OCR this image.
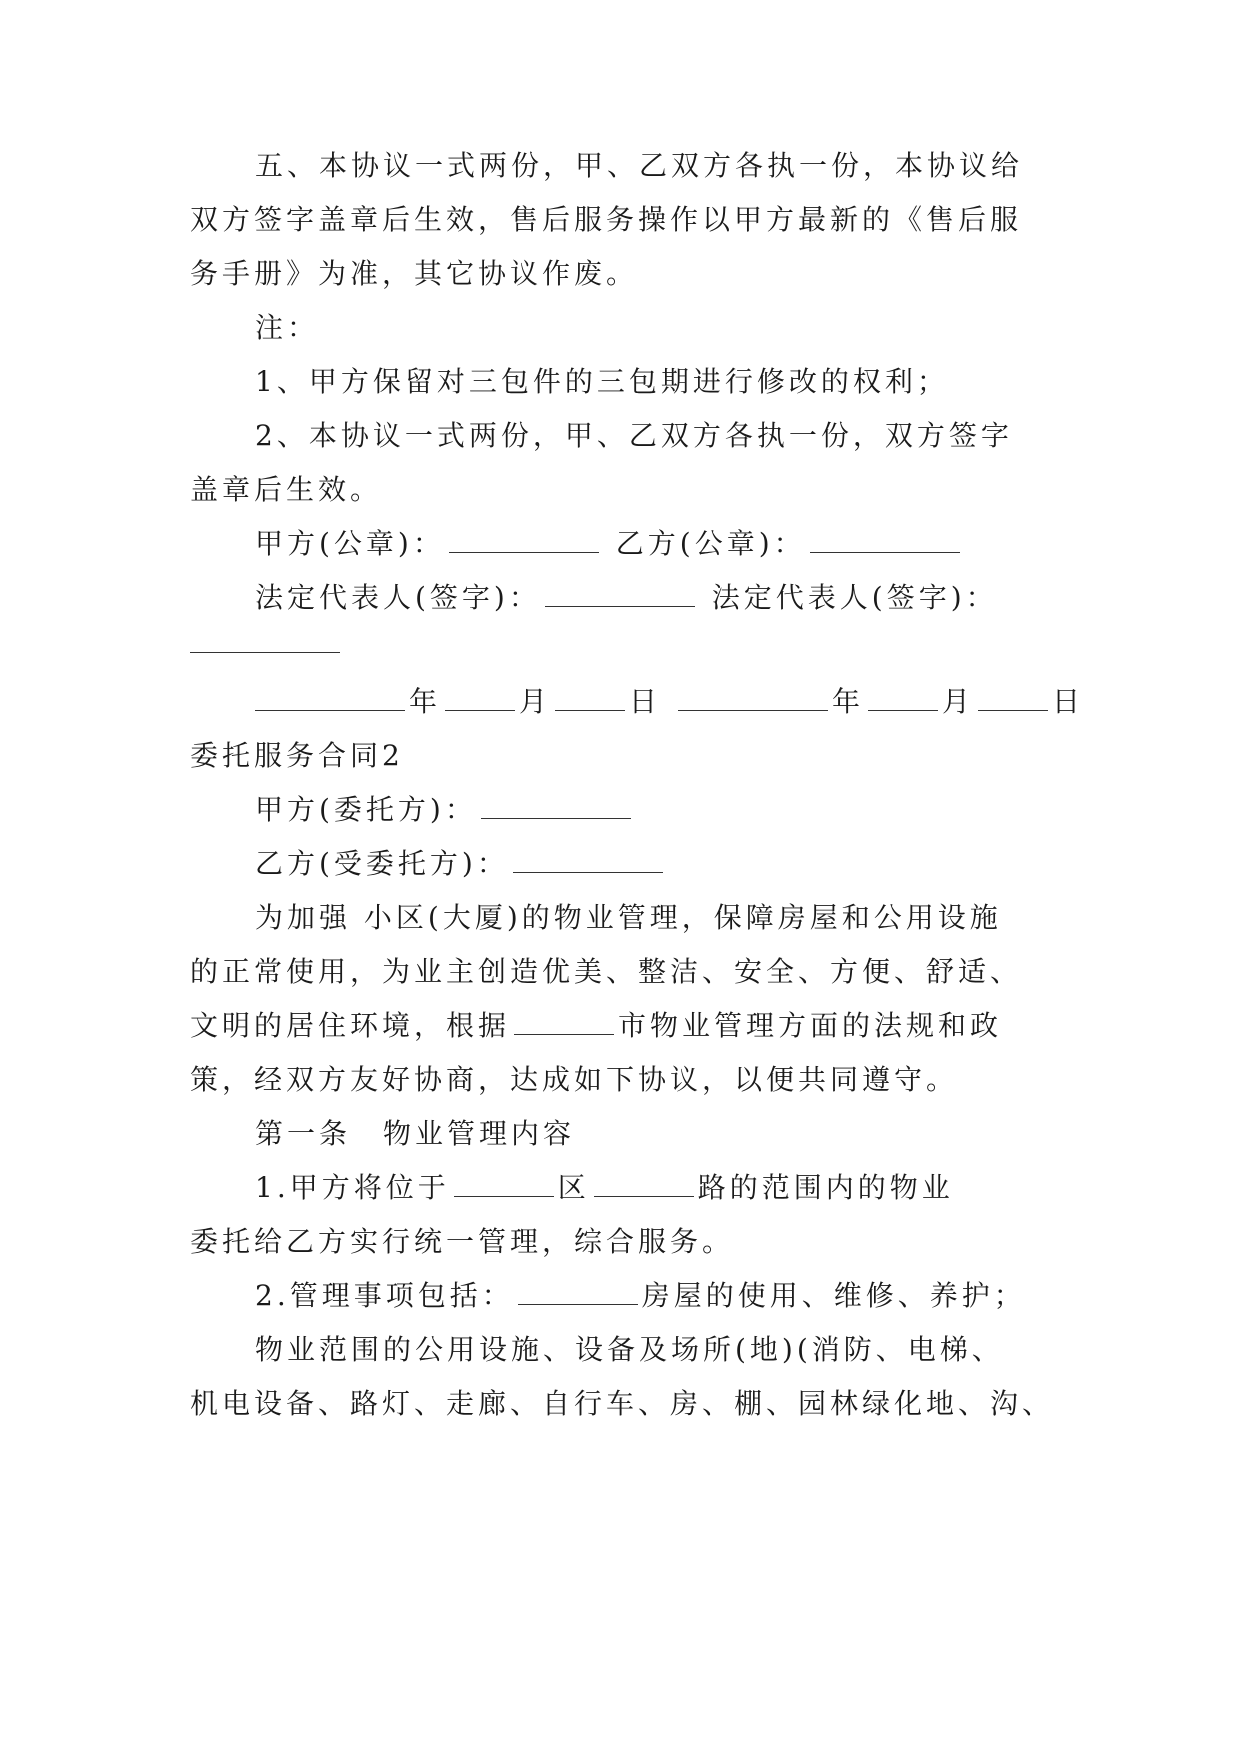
五、本协议一式两份，甲、乙双方各执一份，本协议给
双方签字盖章后生效，售后服务操作以甲方最新的《售后服
务手册》为准，其它协议作废。
注：
1、甲方保留对三包件的三包期进行修改的权利；
2、本协议一式两份，甲、乙双方各执一份，双方签字
盖章后生效。
甲方(公章)：	乙方(公章)：
法定代表人(签字)：	法定代表人(签字)：
年	月	日	年	月	日
委托服务合同2
甲方(委托方)：
乙方(受委托方)：
为加强 小区(大厦)的物业管理，保障房屋和公用设施
的正常使用，为业主创造优美、整洁、安全、方便、舒适、
文明的居住环境，根据	市物业管理方面的法规和政
策，经双方友好协商，达成如下协议，以便共同遵守。
第一条　物业管理内容
1.甲方将位于	区	路的范围内的物业
委托给乙方实行统一管理，综合服务。
2.管理事项包括：	房屋的使用、维修、养护；
物业范围的公用设施、设备及场所(地)(消防、电梯、
机电设备、路灯、走廊、自行车、房、棚、园林绿化地、沟、
